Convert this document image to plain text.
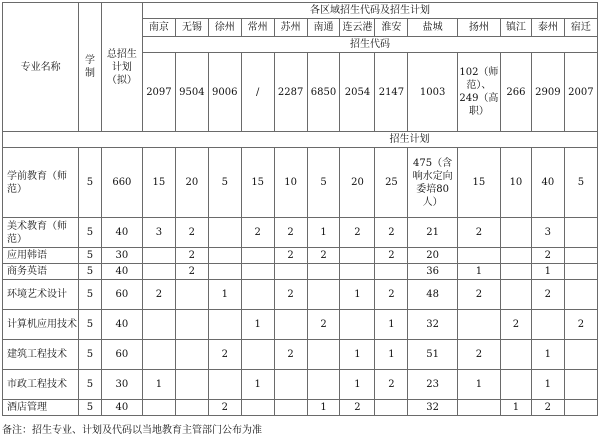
专业名称	学制	总招生计划（拟）	各区域招生代码及招生计划												
			南京	无锡	徐州	常州	苏州	南通	连云港	淮安	盐城	扬州	镇江	泰州	宿迁
			招生代码												
			2097	9504	9006	/	2287	6850	2054	2147	1003	102（师范）、249（高职）	266	2909	2007
招生计划															
学前教育（师范）	5	660	15	20	5	15	10	5	20	25	475（含响水定向委培80人）	15	10	40	5
美术教育（师范）	5	40	3	2		2	2	1	2	2	21	2		3	
应用韩语	5	30		2			2	2		2	20			2	
商务英语	5	40		2							36	1		1	
环境艺术设计	5	60	2		1		2		1	2	48	2		2	
计算机应用技术	5	40				1		2		1	32		2		2
建筑工程技术	5	60			2		2		1	1	51	2		1	
市政工程技术	5	30	1			1			1	2	23	1		1	
酒店管理	5	40			2			1	2		32		1	2	
备注：招生专业、计划及代码以当地教育主管部门公布为准
